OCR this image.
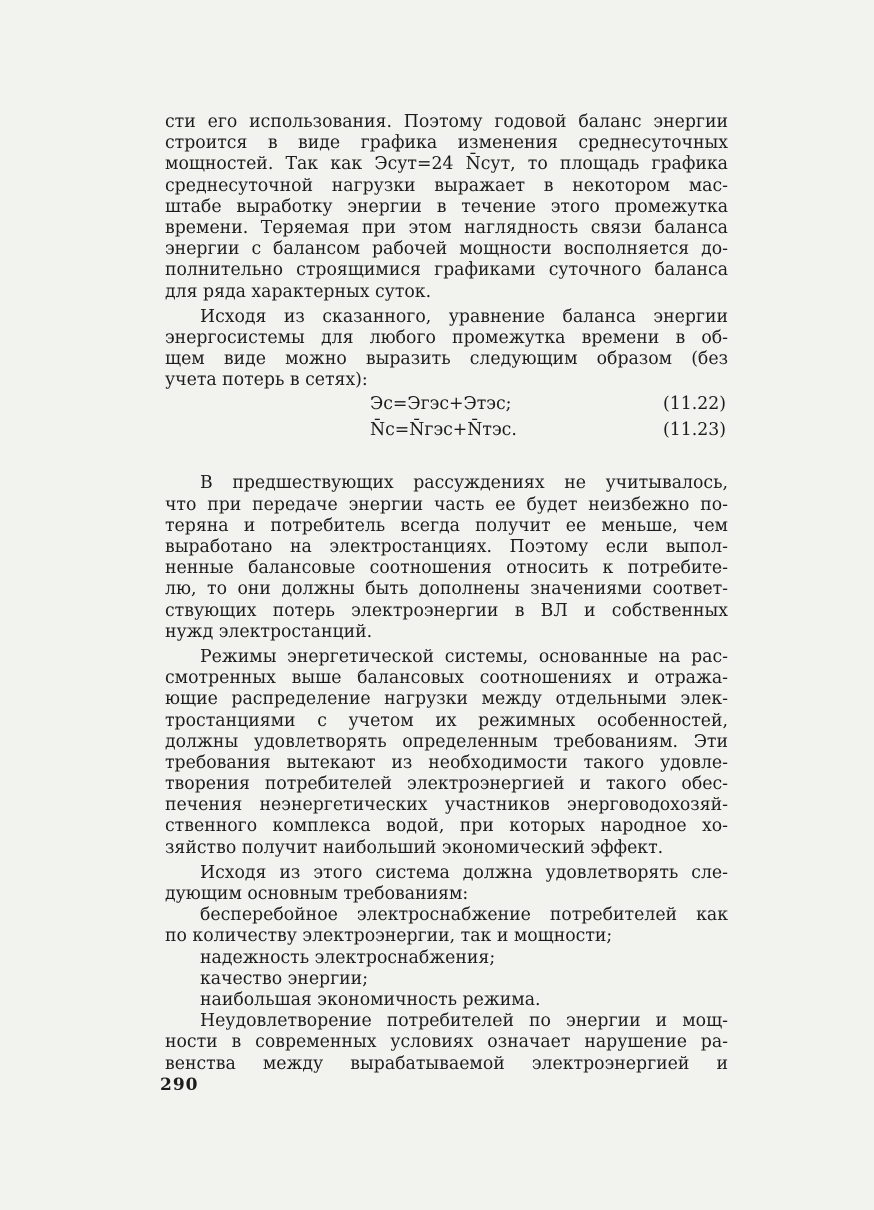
сти его использования. Поэтому годовой баланс энергии
строится в виде графика изменения среднесуточных
мощностей. Так как Эсут=24 N̄сут, то площадь графика
среднесуточной нагрузки выражает в некотором мас-
штабе выработку энергии в течение этого промежутка
времени. Теряемая при этом наглядность связи баланса
энергии с балансом рабочей мощности восполняется до-
полнительно строящимися графиками суточного баланса
для ряда характерных суток.
Исходя из сказанного, уравнение баланса энергии
энергосистемы для любого промежутка времени в об-
щем виде можно выразить следующим образом (без
учета потерь в сетях):
Эс=Эгэс+Этэс;	(11.22)
N̄с=N̄гэс+N̄тэс.	(11.23)
В предшествующих рассуждениях не учитывалось,
что при передаче энергии часть ее будет неизбежно по-
теряна и потребитель всегда получит ее меньше, чем
выработано на электростанциях. Поэтому если выпол-
ненные балансовые соотношения относить к потребите-
лю, то они должны быть дополнены значениями соответ-
ствующих потерь электроэнергии в ВЛ и собственных
нужд электростанций.
Режимы энергетической системы, основанные на рас-
смотренных выше балансовых соотношениях и отража-
ющие распределение нагрузки между отдельными элек-
тростанциями с учетом их режимных особенностей,
должны удовлетворять определенным требованиям. Эти
требования вытекают из необходимости такого удовле-
творения потребителей электроэнергией и такого обес-
печения неэнергетических участников энерговодохозяй-
ственного комплекса водой, при которых народное хо-
зяйство получит наибольший экономический эффект.
Исходя из этого система должна удовлетворять сле-
дующим основным требованиям:
бесперебойное электроснабжение потребителей как
по количеству электроэнергии, так и мощности;
надежность электроснабжения;
качество энергии;
наибольшая экономичность режима.
Неудовлетворение потребителей по энергии и мощ-
ности в современных условиях означает нарушение ра-
венства между вырабатываемой электроэнергией и
290
